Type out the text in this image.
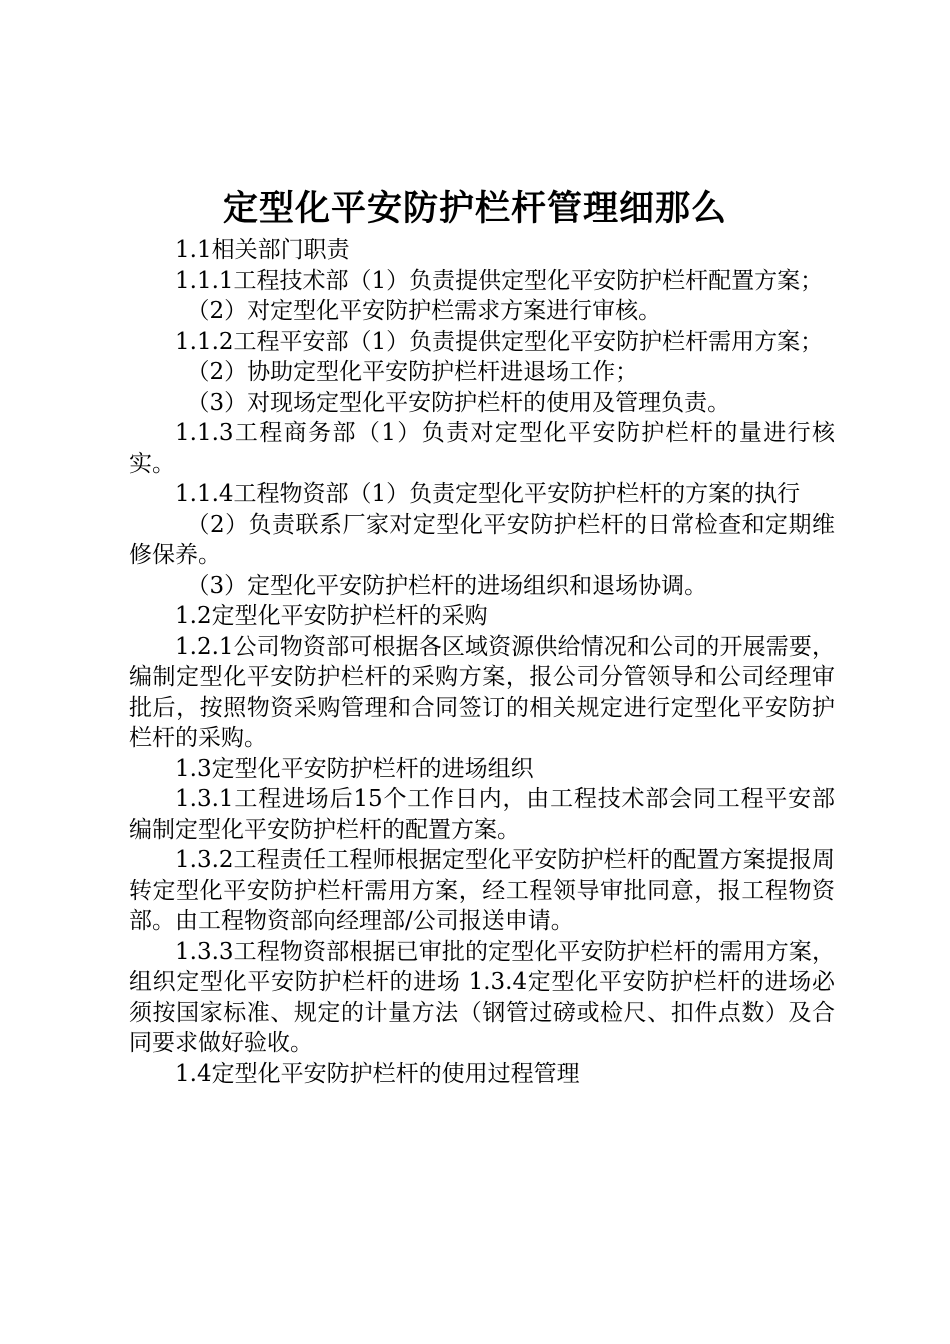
定型化平安防护栏杆管理细那么

1.1相关部门职责

1.1.1工程技术部（1）负责提供定型化平安防护栏杆配置方案；

（2）对定型化平安防护栏需求方案进行审核。

1.1.2工程平安部（1）负责提供定型化平安防护栏杆需用方案；

（2）协助定型化平安防护栏杆进退场工作；

（3）对现场定型化平安防护栏杆的使用及管理负责。

1.1.3工程商务部（1）负责对定型化平安防护栏杆的量进行核实。

1.1.4工程物资部（1）负责定型化平安防护栏杆的方案的执行

（2）负责联系厂家对定型化平安防护栏杆的日常检查和定期维修保养。

（3）定型化平安防护栏杆的进场组织和退场协调。

1.2定型化平安防护栏杆的采购

1.2.1公司物资部可根据各区域资源供给情况和公司的开展需要，编制定型化平安防护栏杆的采购方案，报公司分管领导和公司经理审批后，按照物资采购管理和合同签订的相关规定进行定型化平安防护栏杆的采购。

1.3定型化平安防护栏杆的进场组织

1.3.1工程进场后15个工作日内，由工程技术部会同工程平安部编制定型化平安防护栏杆的配置方案。

1.3.2工程责任工程师根据定型化平安防护栏杆的配置方案提报周转定型化平安防护栏杆需用方案，经工程领导审批同意，报工程物资部。由工程物资部向经理部/公司报送申请。

1.3.3工程物资部根据已审批的定型化平安防护栏杆的需用方案，组织定型化平安防护栏杆的进场 1.3.4定型化平安防护栏杆的进场必须按国家标准、规定的计量方法（钢管过磅或检尺、扣件点数）及合同要求做好验收。

1.4定型化平安防护栏杆的使用过程管理
